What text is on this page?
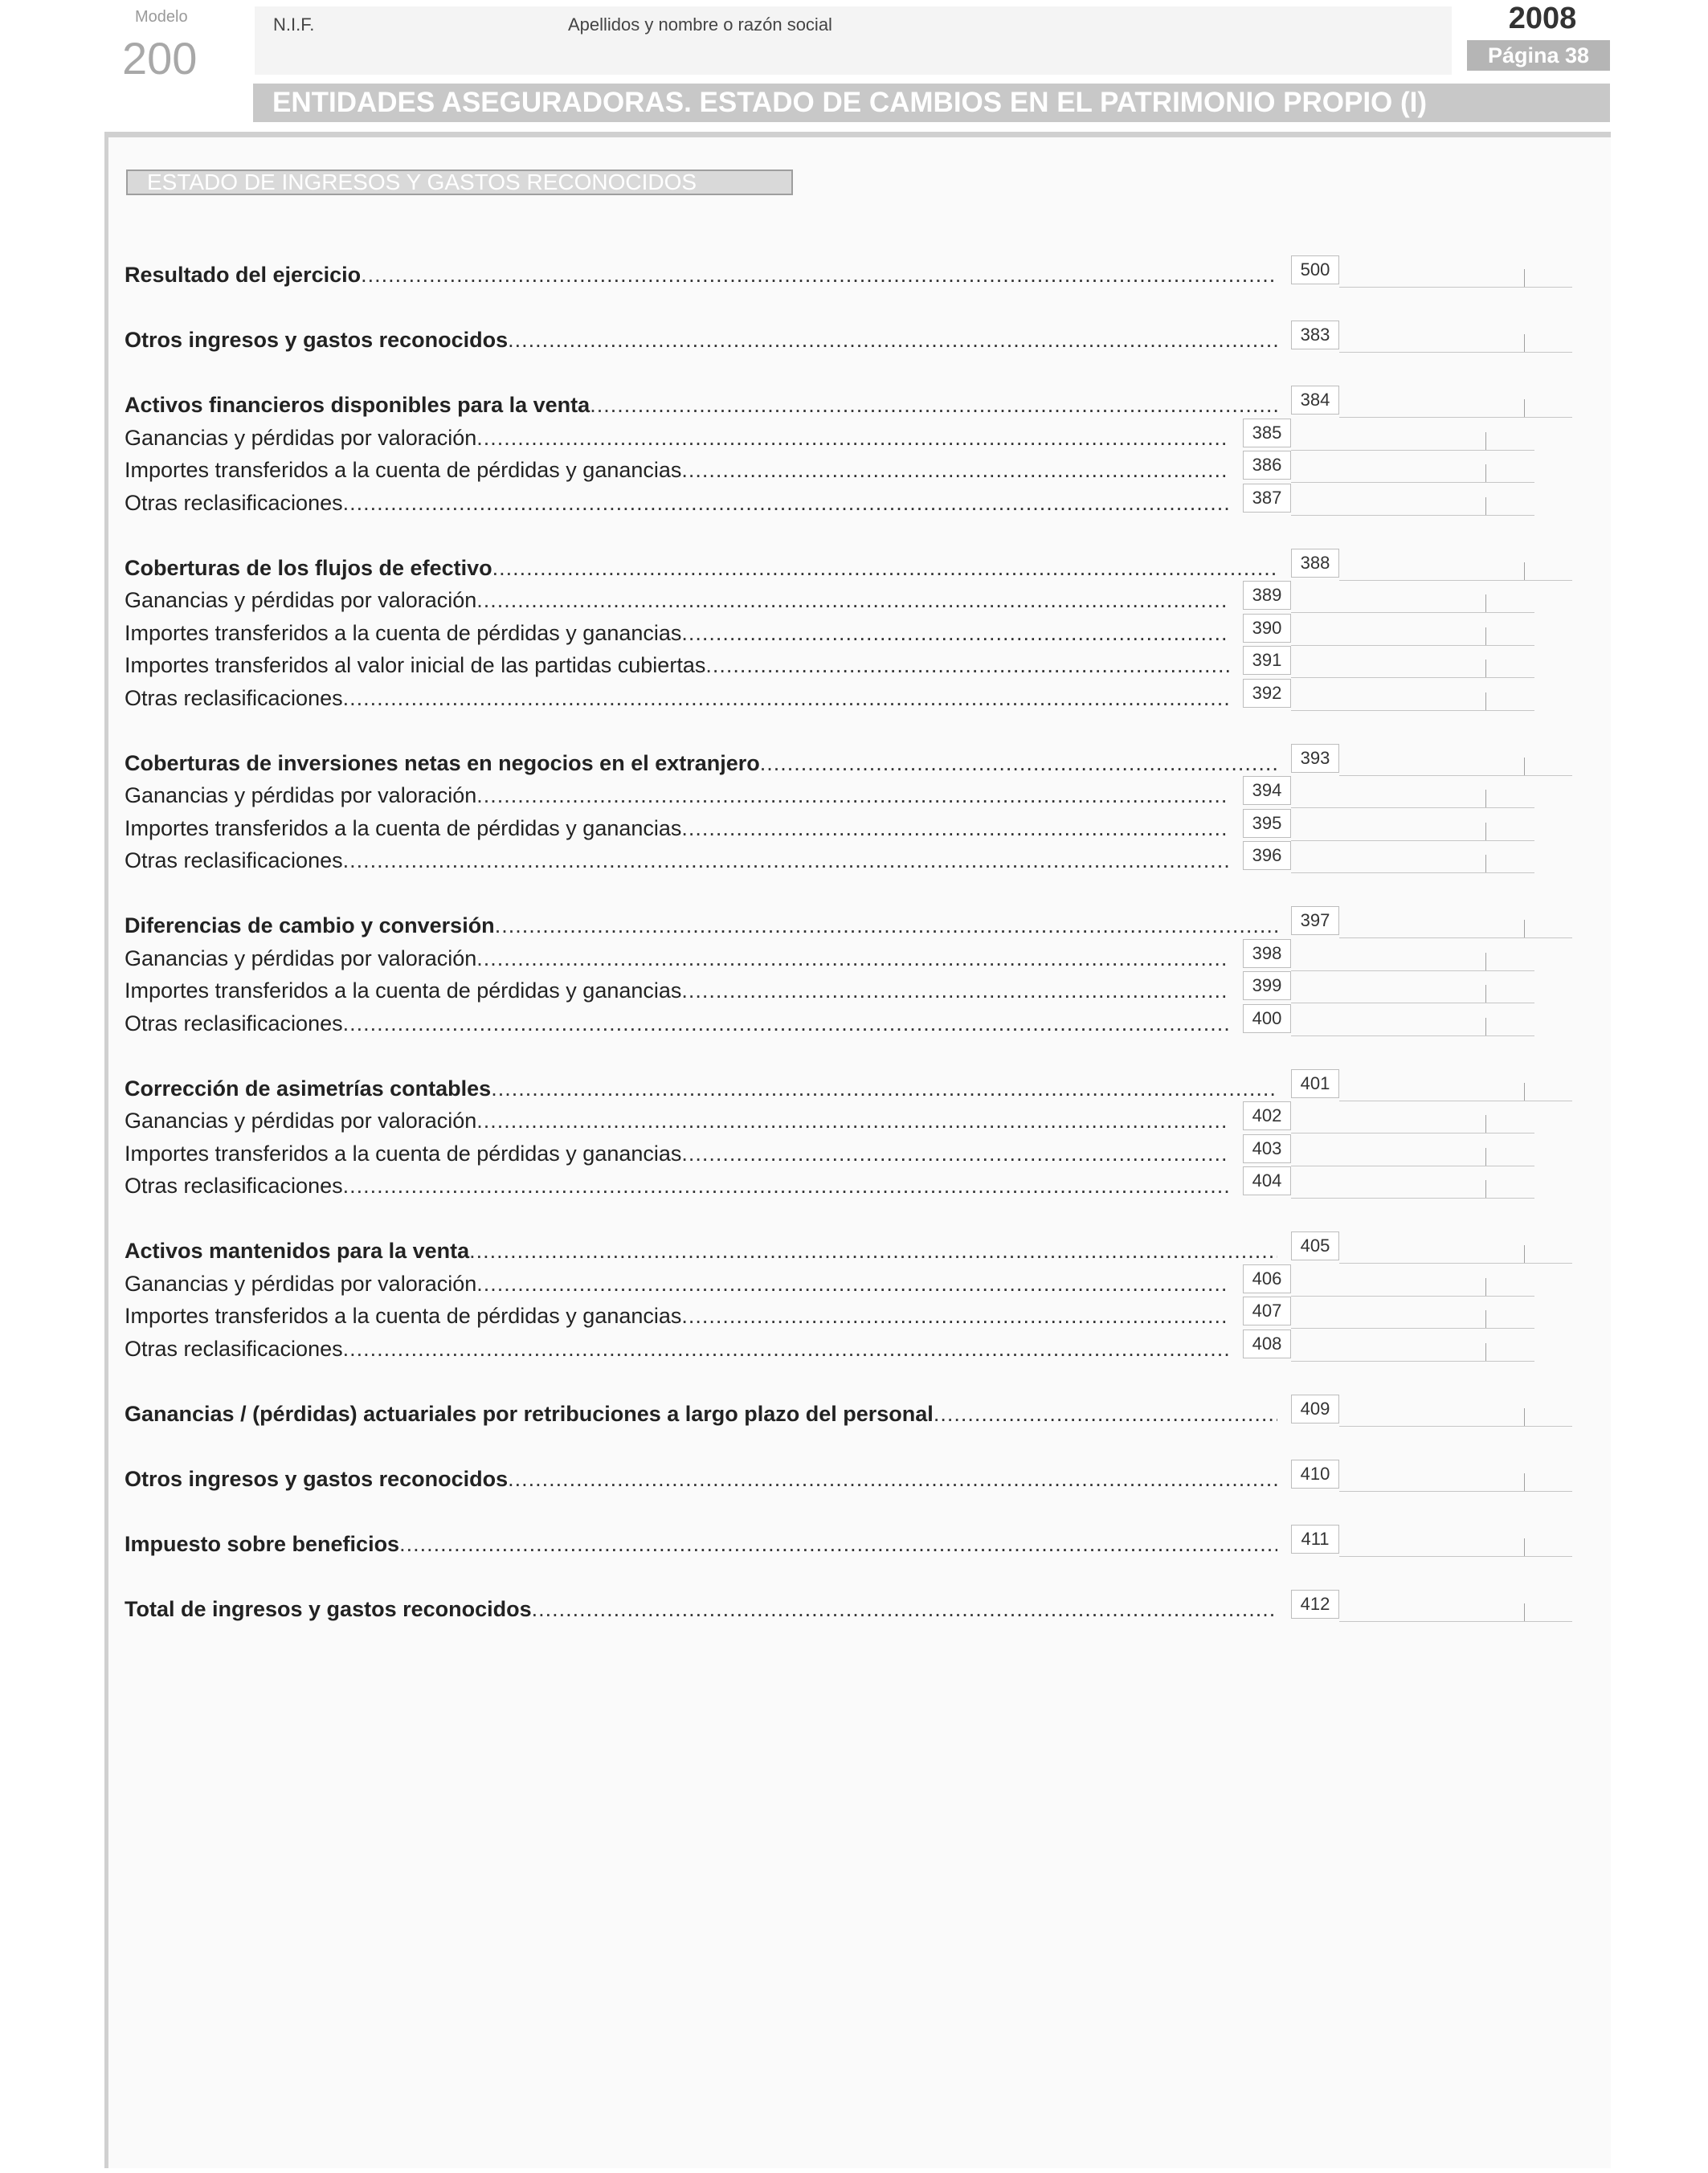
Modelo
200
N.I.F.	Apellidos y nombre o razón social	2008
Página 38
ENTIDADES ASEGURADORAS. ESTADO DE CAMBIOS EN EL PATRIMONIO PROPIO (I)
ESTADO DE INGRESOS Y GASTOS RECONOCIDOS
Resultado del ejercicio .....	500
Otros ingresos y gastos reconocidos .....	383
Activos financieros disponibles para la venta .....	384
Ganancias y pérdidas por valoración .....	385
Importes transferidos a la cuenta de pérdidas y ganancias .....	386
Otras reclasificaciones .....	387
Coberturas de los flujos de efectivo .....	388
Ganancias y pérdidas por valoración .....	389
Importes transferidos a la cuenta de pérdidas y ganancias .....	390
Importes transferidos al valor inicial de las partidas cubiertas .....	391
Otras reclasificaciones .....	392
Coberturas de inversiones netas en negocios en el extranjero .....	393
Ganancias y pérdidas por valoración .....	394
Importes transferidos a la cuenta de pérdidas y ganancias .....	395
Otras reclasificaciones .....	396
Diferencias de cambio y conversión .....	397
Ganancias y pérdidas por valoración .....	398
Importes transferidos a la cuenta de pérdidas y ganancias .....	399
Otras reclasificaciones .....	400
Corrección de asimetrías contables .....	401
Ganancias y pérdidas por valoración .....	402
Importes transferidos a la cuenta de pérdidas y ganancias .....	403
Otras reclasificaciones .....	404
Activos mantenidos para la venta .....	405
Ganancias y pérdidas por valoración .....	406
Importes transferidos a la cuenta de pérdidas y ganancias .....	407
Otras reclasificaciones .....	408
Ganancias / (pérdidas) actuariales por retribuciones a largo plazo del personal .....	409
Otros ingresos y gastos reconocidos .....	410
Impuesto sobre beneficios .....	411
Total de ingresos y gastos reconocidos .....	412
